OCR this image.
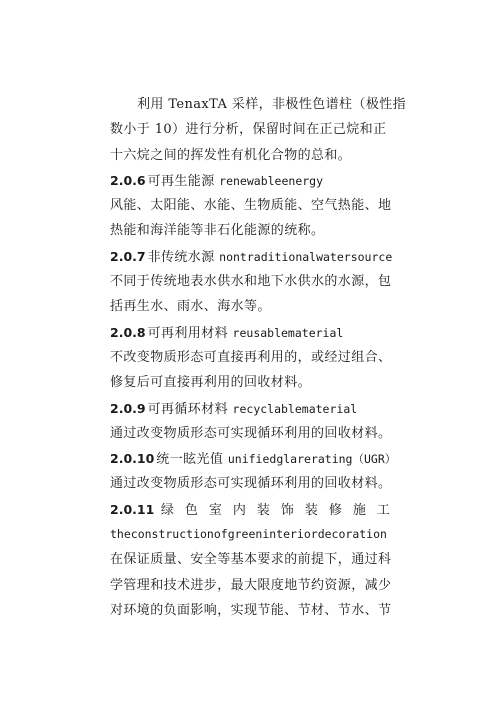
利用 TenaxTA 采样，非极性色谱柱（极性指
数小于 10）进行分析，保留时间在正己烷和正
十六烷之间的挥发性有机化合物的总和。
2.0.6 可再生能源 renewableenergy
风能、太阳能、水能、生物质能、空气热能、地
热能和海洋能等非石化能源的统称。
2.0.7 非传统水源 nontraditionalwatersource
不同于传统地表水供水和地下水供水的水源，包
括再生水、雨水、海水等。
2.0.8 可再利用材料 reusablematerial
不改变物质形态可直接再利用的，或经过组合、
修复后可直接再利用的回收材料。
2.0.9 可再循环材料 recyclablematerial
通过改变物质形态可实现循环利用的回收材料。
2.0.10 统一眩光值 unifiedglarerating（UGR）
通过改变物质形态可实现循环利用的回收材料。
2.0.11 绿色室内装饰装修施工
theconstructionofgreeninteriordecoration
在保证质量、安全等基本要求的前提下，通过科
学管理和技术进步，最大限度地节约资源，减少
对环境的负面影响，实现节能、节材、节水、节
